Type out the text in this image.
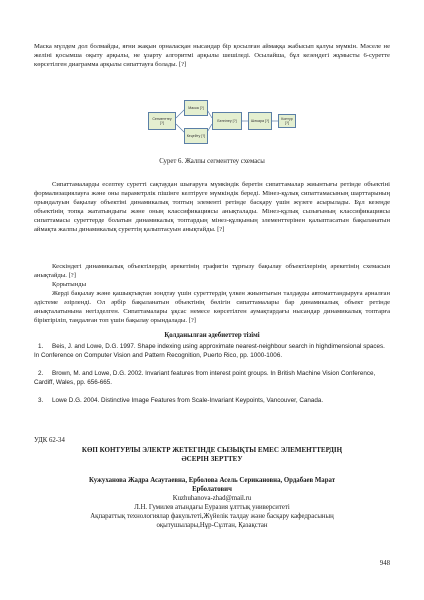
Маска мүлдем дол болмайды, яғни жақын орналасқан нысандар бір қосылған аймаққа жабысып қалуы мүмкін. Мәселе не желіні қосымша оқыту арқылы, не ұзарту алгоритмі арқылы шешіледі. Осылайша, бұл кезеңдегі жұмысты 6-суретте көрсетілген диаграмма арқылы сипаттауға болады. [?]

Сегменттеу [?]
Маска [?]
Кеңейту [?]
Белгілеу [?]	Шекара [?]
Контур [?]

Сурет 6. Жалпы сегменттеу схемасы

Сипаттамаларды есептеу суретті сақтаудан шығаруға мүмкіндік беретін сипаттамалар жиынтығы ретінде объектіні формализациялауға және оны параметрлік пішінге келтіруге мүмкіндік береді. Мінез-құлық сипаттамасының шарттарының орындалуын бақылау объектіні динамикалық топтың элементі ретінде басқару үшін жүзеге асырылады. Бұл кезеңде объектінің топқа жататындығы және оның классификациясы анықталады. Мінез-құлық сызығының классификациясы сипаттамасы суреттерде болатын динамикалық топтардың мінез-құлқының элементтерінен қалыптасатын бақыланатын аймақта жалпы динамикалық суреттің қалыптасуын анықтайды. [?]

Кескіндегі динамикалық объектілердің әрекетінің графигін тұрғызу бақылау объектілерінің әрекетінің схемасын анықтайды. [?]

Қорытынды

Жерді бақылау және қашықтықтан зондтау үшін суреттердің үлкен жиынтығын талдауды автоматтандыруға арналған әдістеме әзірленді. Ол әрбір бақыланатын объектінің бөлігін сипаттамалары бар динамикалық объект ретінде анықталатынына негізделген. Сипаттамалары ұқсас немесе көрсетілген аумақтардағы нысандар динамикалық топтарға біріктіріліп, таңдалған топ үшін бақылау орындалады. [?]

Қолданылған әдебиеттер тізімі

1. Beis, J. and Lowe, D.G. 1997. Shape indexing using approximate nearest-neighbour search in highdimensional spaces. In Conference on Computer Vision and Pattern Recognition, Puerto Rico, pp. 1000-1006.

2. Brown, M. and Lowe, D.G. 2002. Invariant features from interest point groups. In British Machine Vision Conference, Cardiff, Wales, pp. 656-665.

3. Lowe D.G. 2004. Distinctive Image Features from Scale-Invariant Keypoints, Vancouver, Canada.

УДК 62-34

КӨП КОНТУРЛЫ ЭЛЕКТР ЖЕТЕГІНДЕ СЫЗЫҚТЫ ЕМЕС ЭЛЕМЕНТТЕРДІҢ

ӘСЕРІН ЗЕРТТЕУ

Кужуханова Жадра Асаутаевна, Ерболова Асель Серикановна, Ордабаев Марат

Ерболатович

Kuzhuhanova-zhad@mail.ru

Л.Н. Гумилев атындағы Еуразия ұлттық университеті

Ақпараттық технологиялар факультеті,Жүйелік талдау және басқару кафедрасының

оқытушылары,Нұр-Сұлтан, Қазақстан

948
